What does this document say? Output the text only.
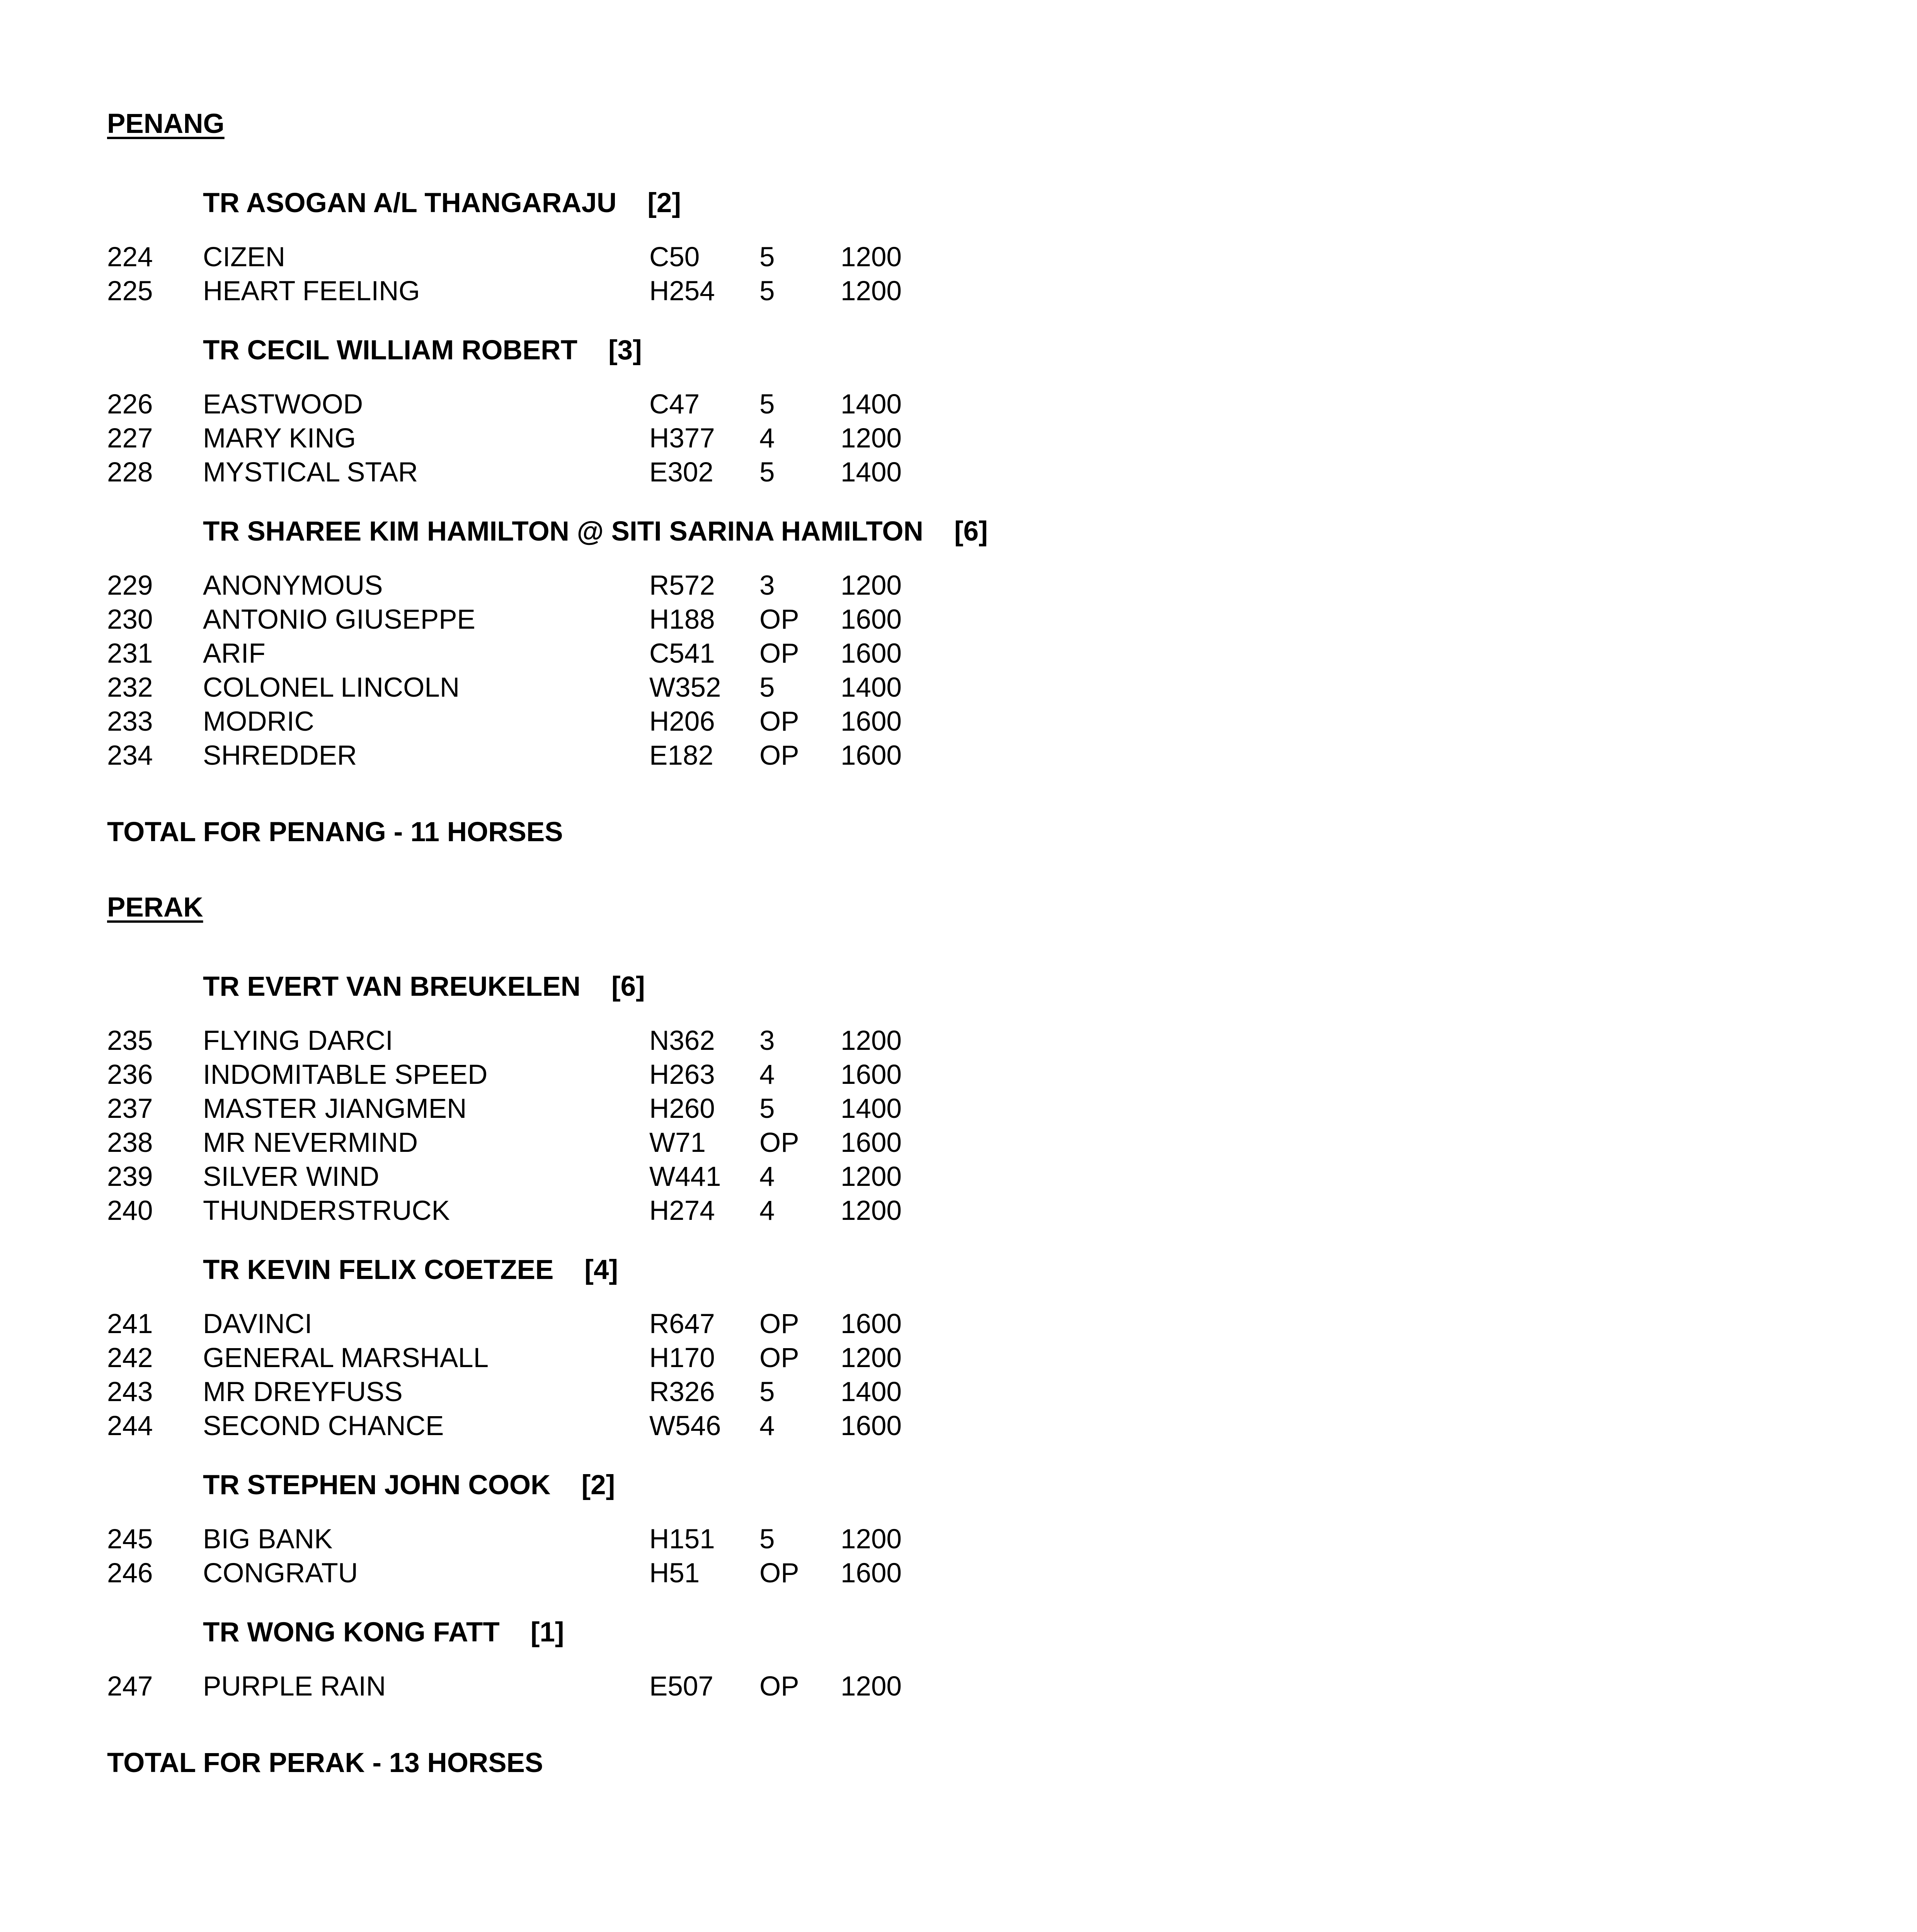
PENANG
TR ASOGAN A/L THANGARAJU [2]
224 CIZEN	C50 5 1200
225 HEART FEELING	H254 5 1200
TR CECIL WILLIAM ROBERT [3]
226 EASTWOOD	C47 5 1400
227 MARY KING	H377 4 1200
228 MYSTICAL STAR	E302 5 1400
TR SHAREE KIM HAMILTON @ SITI SARINA HAMILTON [6]
229 ANONYMOUS	R572 3 1200
230 ANTONIO GIUSEPPE	H188 OP 1600
231 ARIF	C541 OP 1600
232 COLONEL LINCOLN	W352 5 1400
233 MODRIC	H206 OP 1600
234 SHREDDER	E182 OP 1600
TOTAL FOR PENANG - 11 HORSES
PERAK
TR EVERT VAN BREUKELEN [6]
235 FLYING DARCI	N362 3 1200
236 INDOMITABLE SPEED	H263 4 1600
237 MASTER JIANGMEN	H260 5 1400
238 MR NEVERMIND	W71 OP 1600
239 SILVER WIND	W441 4 1200
240 THUNDERSTRUCK	H274 4 1200
TR KEVIN FELIX COETZEE [4]
241 DAVINCI	R647 OP 1600
242 GENERAL MARSHALL	H170 OP 1200
243 MR DREYFUSS	R326 5 1400
244 SECOND CHANCE	W546 4 1600
TR STEPHEN JOHN COOK [2]
245 BIG BANK	H151 5 1200
246 CONGRATU	H51 OP 1600
TR WONG KONG FATT [1]
247 PURPLE RAIN	E507 OP 1200
TOTAL FOR PERAK - 13 HORSES
